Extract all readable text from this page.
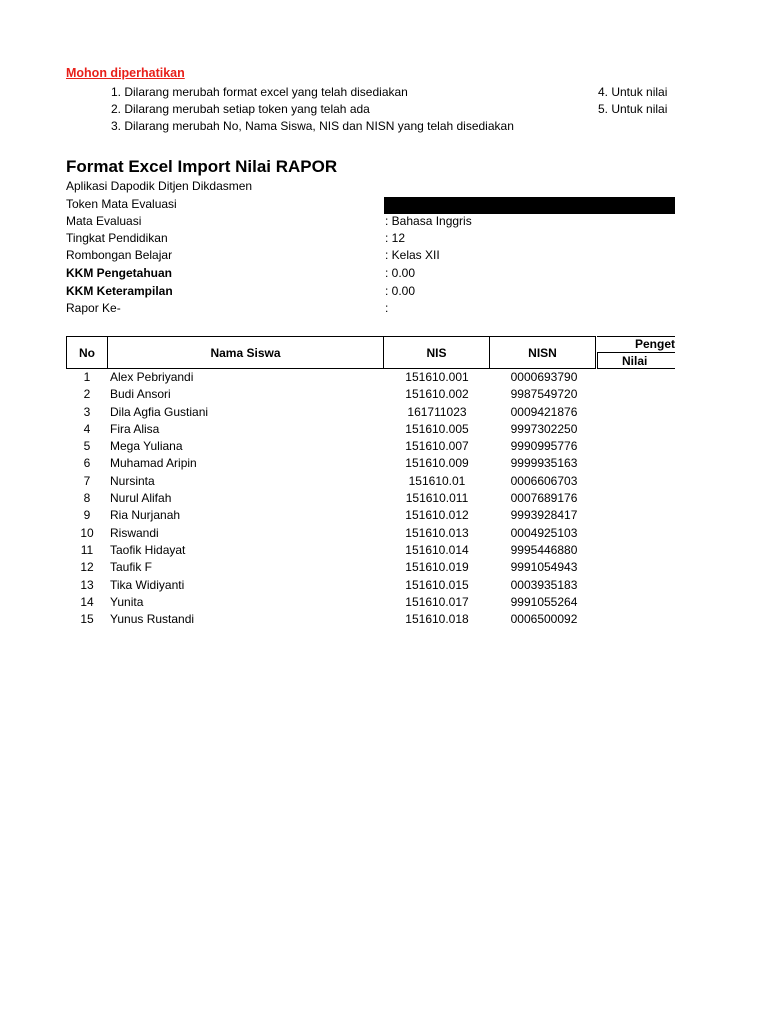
Mohon diperhatikan
1. Dilarang merubah format excel yang telah disediakan
2. Dilarang merubah setiap token yang telah ada
3. Dilarang merubah No, Nama Siswa, NIS dan NISN yang telah disediakan
4. Untuk nilai
5. Untuk nilai
Format Excel Import Nilai RAPOR
Aplikasi Dapodik Ditjen Dikdasmen
Token Mata Evaluasi
Mata Evaluasi	: Bahasa Inggris
Tingkat Pendidikan	: 12
Rombongan Belajar	: Kelas XII
KKM Pengetahuan	: 0.00
KKM Keterampilan	: 0.00
Rapor Ke-	:
No	Nama Siswa	NIS	NISN
Penget
Nilai
1	Alex Pebriyandi	151610.001	0000693790
2	Budi Ansori	151610.002	9987549720
3	Dila Agfia Gustiani	161711023	0009421876
4	Fira Alisa	151610.005	9997302250
5	Mega Yuliana	151610.007	9990995776
6	Muhamad Aripin	151610.009	9999935163
7	Nursinta	151610.01	0006606703
8	Nurul Alifah	151610.011	0007689176
9	Ria Nurjanah	151610.012	9993928417
10	Riswandi	151610.013	0004925103
11	Taofik Hidayat	151610.014	9995446880
12	Taufik F	151610.019	9991054943
13	Tika Widiyanti	151610.015	0003935183
14	Yunita	151610.017	9991055264
15	Yunus Rustandi	151610.018	0006500092
